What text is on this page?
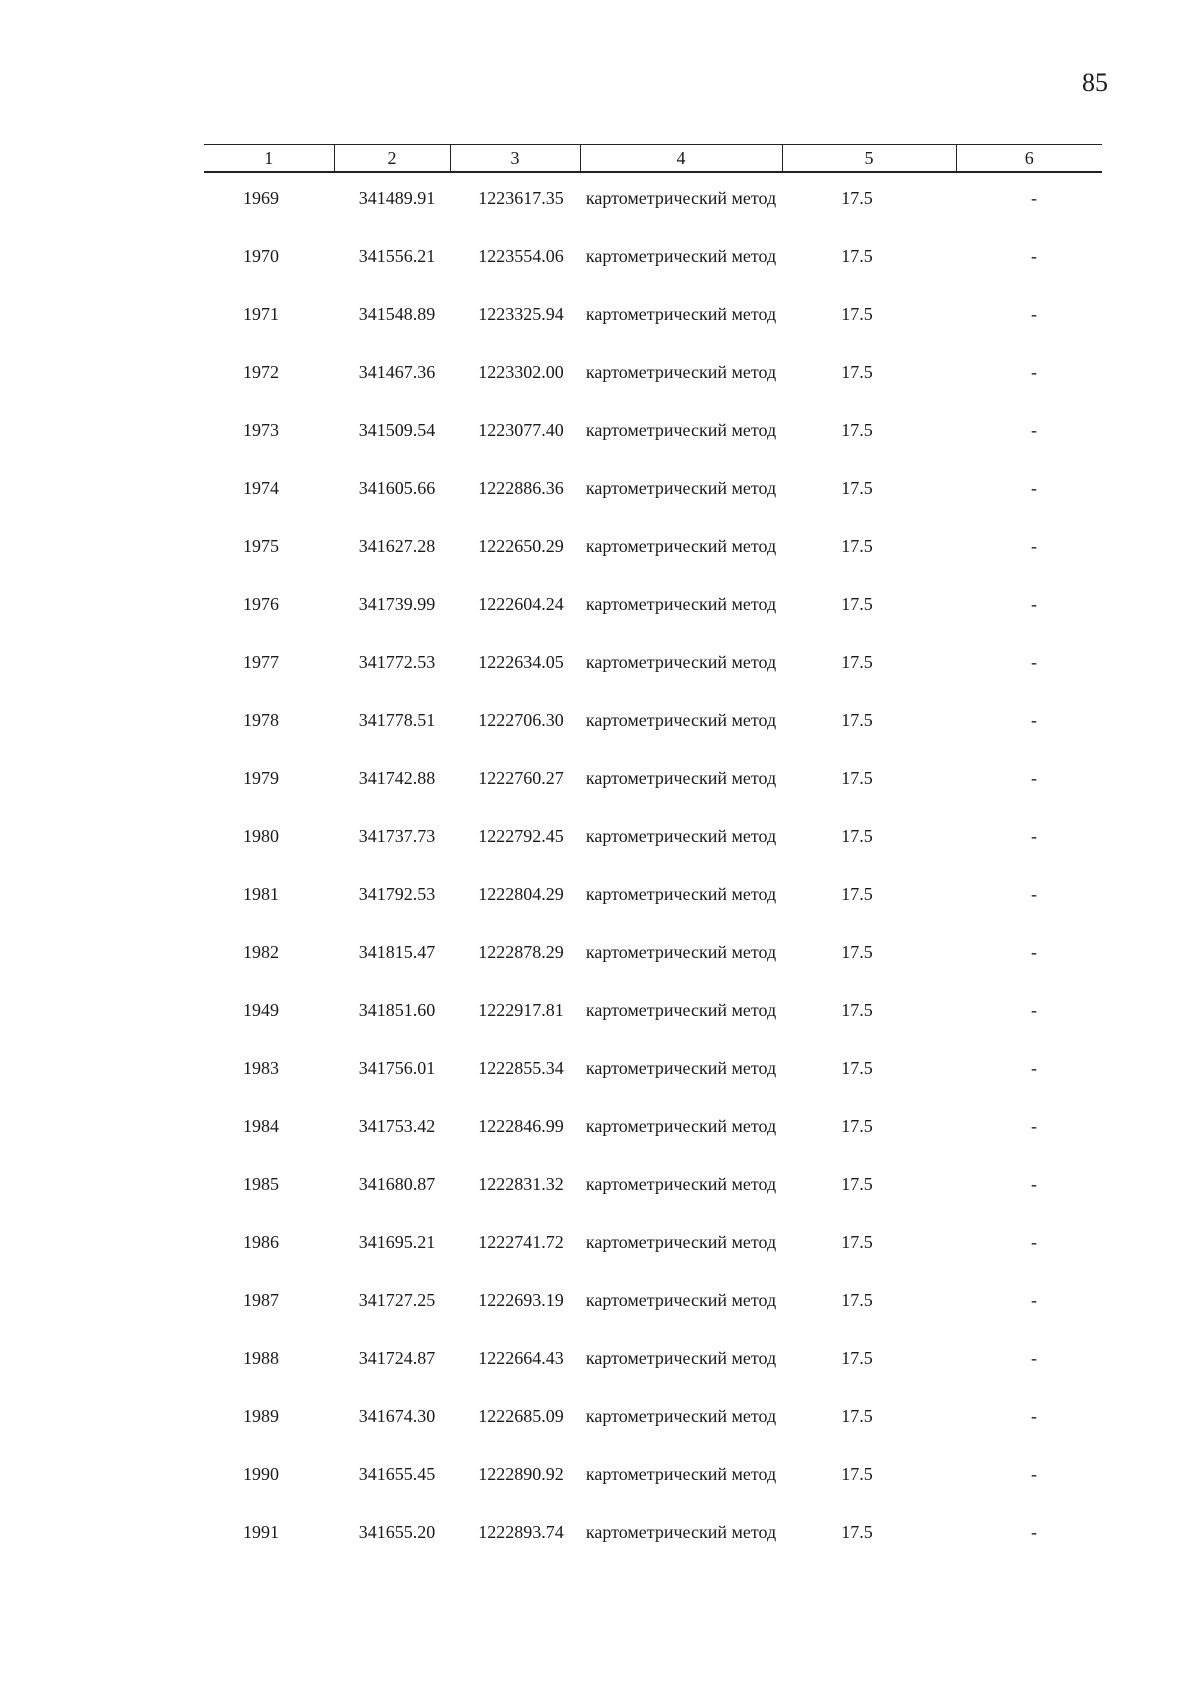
85
1	2	3	4	5	6
1969	341489.91	1223617.35	картометрический метод	17.5	-
1970	341556.21	1223554.06	картометрический метод	17.5	-
1971	341548.89	1223325.94	картометрический метод	17.5	-
1972	341467.36	1223302.00	картометрический метод	17.5	-
1973	341509.54	1223077.40	картометрический метод	17.5	-
1974	341605.66	1222886.36	картометрический метод	17.5	-
1975	341627.28	1222650.29	картометрический метод	17.5	-
1976	341739.99	1222604.24	картометрический метод	17.5	-
1977	341772.53	1222634.05	картометрический метод	17.5	-
1978	341778.51	1222706.30	картометрический метод	17.5	-
1979	341742.88	1222760.27	картометрический метод	17.5	-
1980	341737.73	1222792.45	картометрический метод	17.5	-
1981	341792.53	1222804.29	картометрический метод	17.5	-
1982	341815.47	1222878.29	картометрический метод	17.5	-
1949	341851.60	1222917.81	картометрический метод	17.5	-
1983	341756.01	1222855.34	картометрический метод	17.5	-
1984	341753.42	1222846.99	картометрический метод	17.5	-
1985	341680.87	1222831.32	картометрический метод	17.5	-
1986	341695.21	1222741.72	картометрический метод	17.5	-
1987	341727.25	1222693.19	картометрический метод	17.5	-
1988	341724.87	1222664.43	картометрический метод	17.5	-
1989	341674.30	1222685.09	картометрический метод	17.5	-
1990	341655.45	1222890.92	картометрический метод	17.5	-
1991	341655.20	1222893.74	картометрический метод	17.5	-
